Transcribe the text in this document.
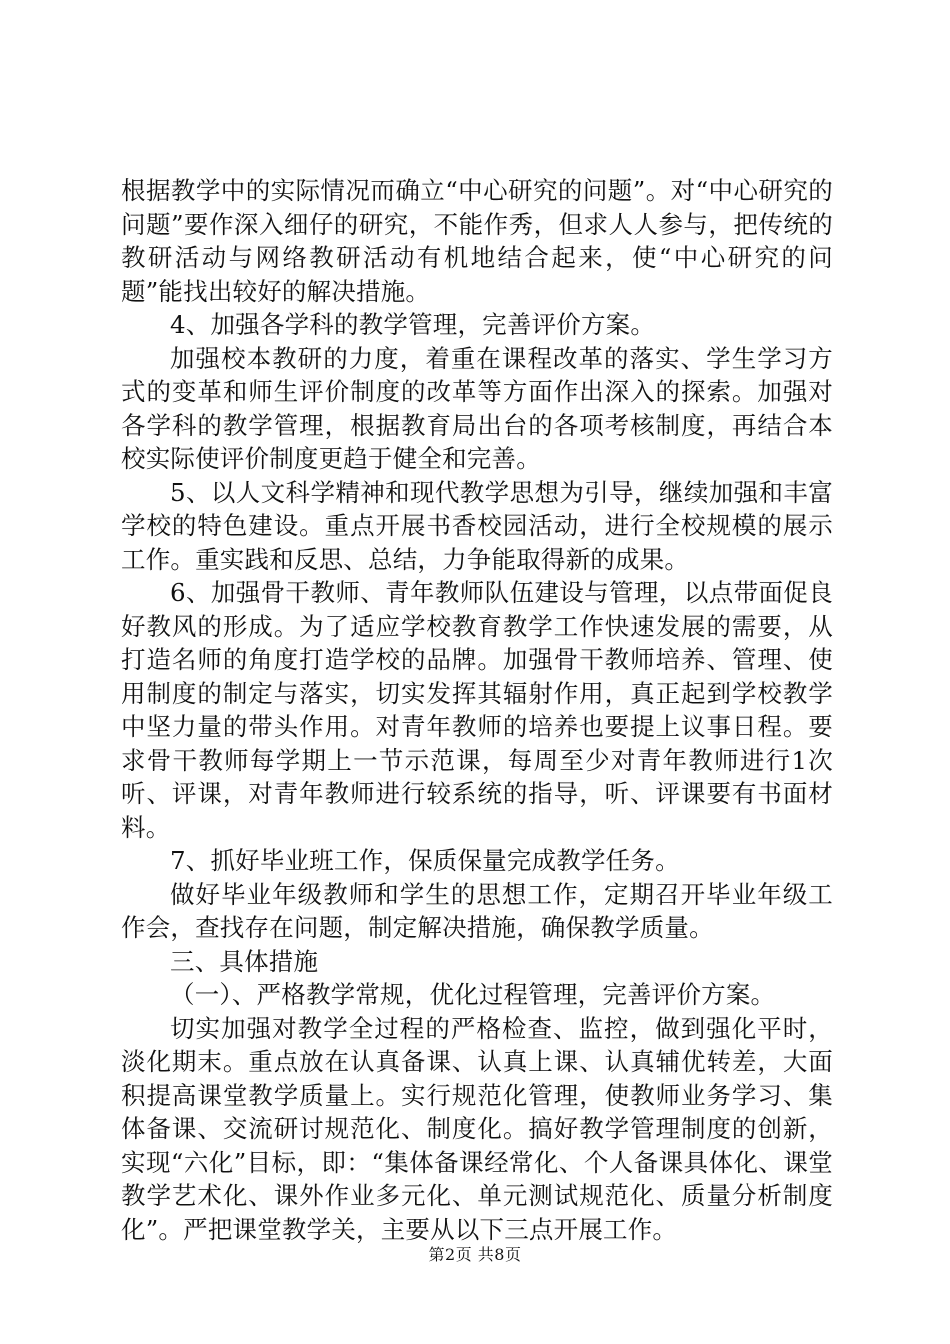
根据教学中的实际情况而确立“中心研究的问题”。对“中心研究的问题”要作深入细仔的研究，不能作秀，但求人人参与，把传统的教研活动与网络教研活动有机地结合起来，使“中心研究的问题”能找出较好的解决措施。

4、加强各学科的教学管理，完善评价方案。

加强校本教研的力度，着重在课程改革的落实、学生学习方式的变革和师生评价制度的改革等方面作出深入的探索。加强对各学科的教学管理，根据教育局出台的各项考核制度，再结合本校实际使评价制度更趋于健全和完善。

5、以人文科学精神和现代教学思想为引导，继续加强和丰富学校的特色建设。重点开展书香校园活动，进行全校规模的展示工作。重实践和反思、总结，力争能取得新的成果。

6、加强骨干教师、青年教师队伍建设与管理，以点带面促良好教风的形成。为了适应学校教育教学工作快速发展的需要，从打造名师的角度打造学校的品牌。加强骨干教师培养、管理、使用制度的制定与落实，切实发挥其辐射作用，真正起到学校教学中坚力量的带头作用。对青年教师的培养也要提上议事日程。要求骨干教师每学期上一节示范课，每周至少对青年教师进行1次听、评课，对青年教师进行较系统的指导，听、评课要有书面材料。

7、抓好毕业班工作，保质保量完成教学任务。

做好毕业年级教师和学生的思想工作，定期召开毕业年级工作会，查找存在问题，制定解决措施，确保教学质量。

三、具体措施

（一）、严格教学常规，优化过程管理，完善评价方案。

切实加强对教学全过程的严格检查、监控，做到强化平时，淡化期末。重点放在认真备课、认真上课、认真辅优转差，大面积提高课堂教学质量上。实行规范化管理，使教师业务学习、集体备课、交流研讨规范化、制度化。搞好教学管理制度的创新，实现“六化”目标，即：“集体备课经常化、个人备课具体化、课堂教学艺术化、课外作业多元化、单元测试规范化、质量分析制度化”。严把课堂教学关，主要从以下三点开展工作。

第2页 共8页
